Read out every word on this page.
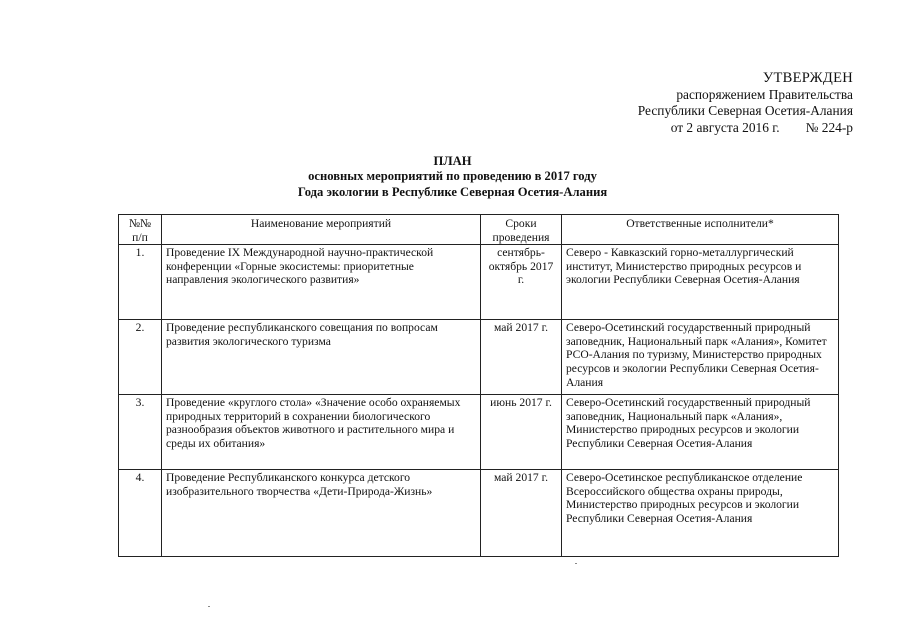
УТВЕРЖДЕН
распоряжением Правительства
Республики Северная Осетия-Алания
от 2 августа 2016 г. № 224-р
ПЛАН
основных мероприятий по проведению в 2017 году
Года экологии в Республике Северная Осетия-Алания
№№ п/п	Наименование мероприятий	Сроки проведения	Ответственные исполнители*
1.	Проведение IX Международной научно-практической конференции «Горные экосистемы: приоритетные направления экологического развития»	сентябрь-октябрь 2017 г.	Северо - Кавказский горно-металлургический институт, Министерство природных ресурсов и экологии Республики Северная Осетия-Алания
2.	Проведение республиканского совещания по вопросам развития экологического туризма	май 2017 г.	Северо-Осетинский государственный природный заповедник, Национальный парк «Алания», Комитет РСО-Алания по туризму, Министерство природных ресурсов и экологии Республики Северная Осетия-Алания
3.	Проведение «круглого стола» «Значение особо охраняемых природных территорий в сохранении биологического разнообразия объектов животного и растительного мира и среды их обитания»	июнь 2017 г.	Северо-Осетинский государственный природный заповедник, Национальный парк «Алания», Министерство природных ресурсов и экологии Республики Северная Осетия-Алания
4.	Проведение Республиканского конкурса детского изобразительного творчества «Дети-Природа-Жизнь»	май 2017 г.	Северо-Осетинское республиканское отделение Всероссийского общества охраны природы, Министерство природных ресурсов и экологии Республики Северная Осетия-Алания
